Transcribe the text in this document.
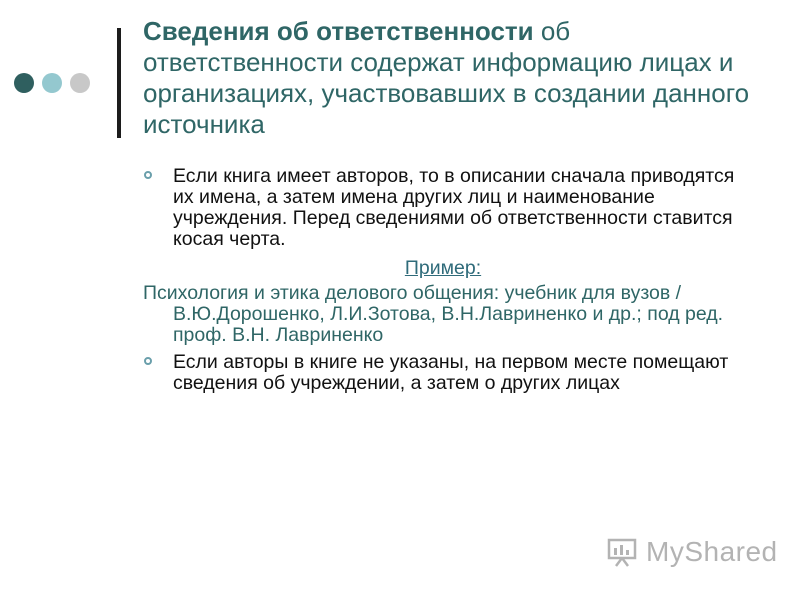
Сведения об ответственности об ответственности содержат информацию лицах и организациях, участвовавших в создании данного источника
Если книга имеет авторов, то в описании сначала приводятся их имена, а затем имена других лиц и наименование учреждения. Перед сведениями об ответственности ставится косая черта.
Пример:
Психология и этика делового общения: учебник для вузов / В.Ю.Дорошенко, Л.И.Зотова, В.Н.Лавриненко и др.; под ред. проф. В.Н. Лавриненко
Если авторы в книге не указаны, на первом месте помещают сведения об учреждении, а затем о других лицах
MyShared
